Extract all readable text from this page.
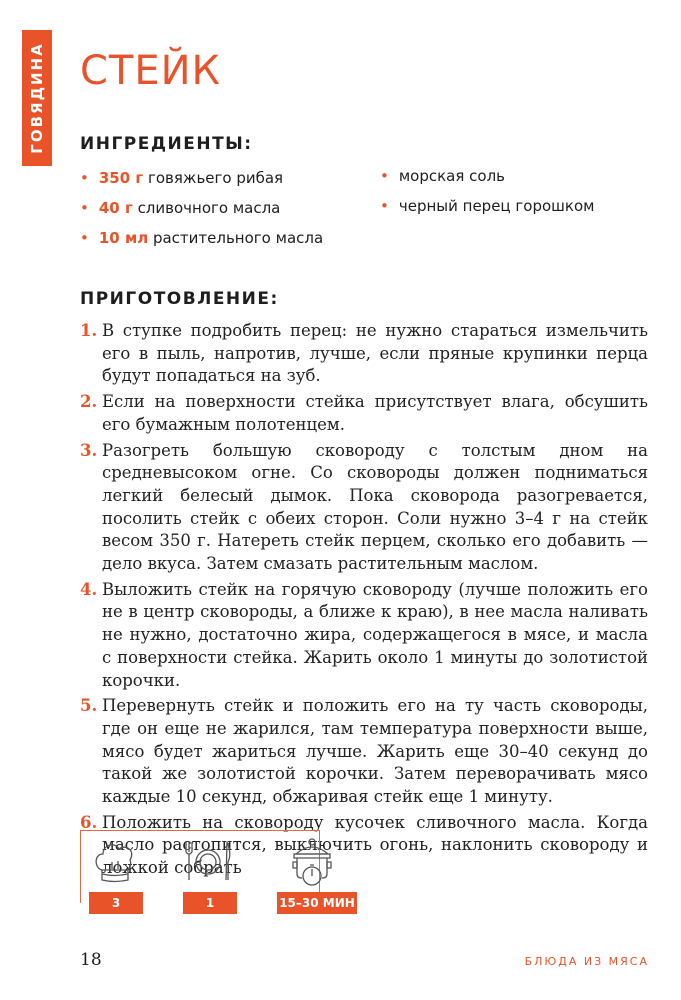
ГОВЯДИНА СТЕЙК
ИНГРЕДИЕНТЫ:
• 350 г говяжьего рибая
• 40 г сливочного масла
• 10 мл растительного масла
• морская соль
• черный перец горошком
ПРИГОТОВЛЕНИЕ:
1. В ступке подробить перец: не нужно стараться измельчить его в пыль, напротив, лучше, если пряные крупинки перца будут попадаться на зуб.
2. Если на поверхности стейка присутствует влага, обсушить его бумажным полотенцем.
3. Разогреть большую сковороду с толстым дном на средневысоком огне. Со сковороды должен подниматься легкий белесый дымок. Пока сковорода разогревается, посолить стейк с обеих сторон. Соли нужно 3–4 г на стейк весом 350 г. Натереть стейк перцем, сколько его добавить — дело вкуса. Затем смазать растительным маслом.
4. Выложить стейк на горячую сковороду (лучше положить его не в центр сковороды, а ближе к краю), в нее масла наливать не нужно, достаточно жира, содержащегося в мясе, и масла с поверхности стейка. Жарить около 1 минуты до золотистой корочки.
5. Перевернуть стейк и положить его на ту часть сковороды, где он еще не жарился, там температура поверхности выше, мясо будет жариться лучше. Жарить еще 30–40 секунд до такой же золотистой корочки. Затем переворачивать мясо каждые 10 секунд, обжаривая стейк еще 1 минуту.
6. Положить на сковороду кусочек сливочного масла. Когда масло растопится, выключить огонь, наклонить сковороду и ложкой собрать
3	1	15–30 МИН
18	БЛЮДА ИЗ МЯСА
